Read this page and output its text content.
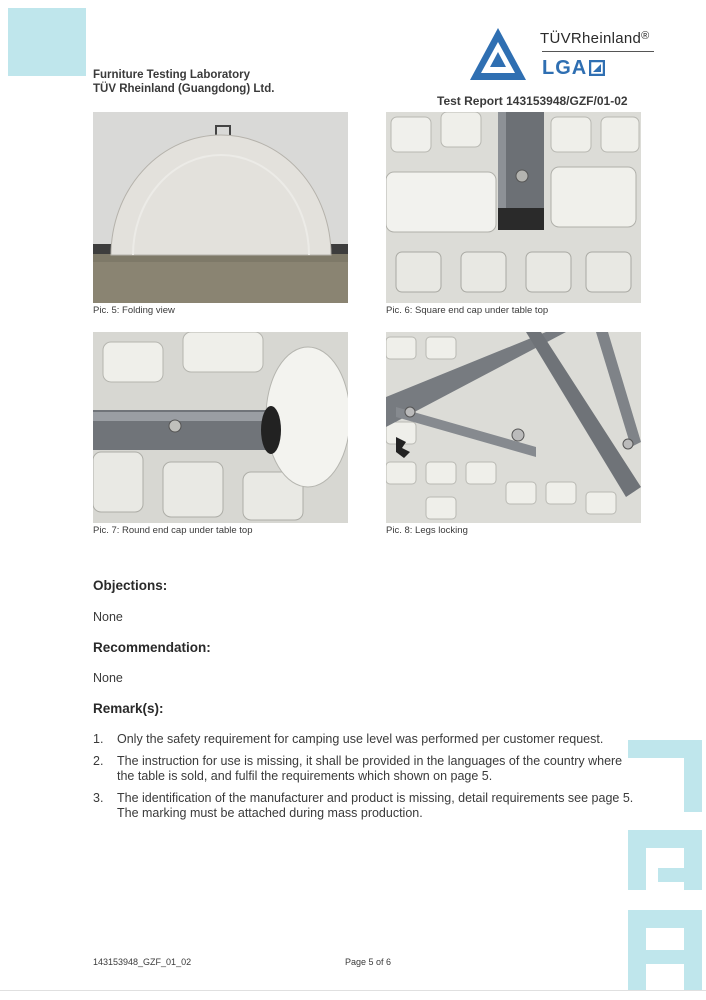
Furniture Testing Laboratory
TÜV Rheinland (Guangdong) Ltd.
TÜVRheinland®
LGA
Test Report 143153948/GZF/01-02
Pic. 5: Folding view	Pic. 6: Square end cap under table top
Pic. 7: Round end cap under table top	Pic. 8: Legs locking
Objections:
None
Recommendation:
None
Remark(s):
1.	Only the safety requirement for camping use level was performed per customer request.
2.	The instruction for use is missing, it shall be provided in the languages of the country where the table is sold, and fulfil the requirements which shown on page 5.
3.	The identification of the manufacturer and product is missing, detail requirements see page 5. The marking must be attached during mass production.
143153948_GZF_01_02	Page 5 of 6
